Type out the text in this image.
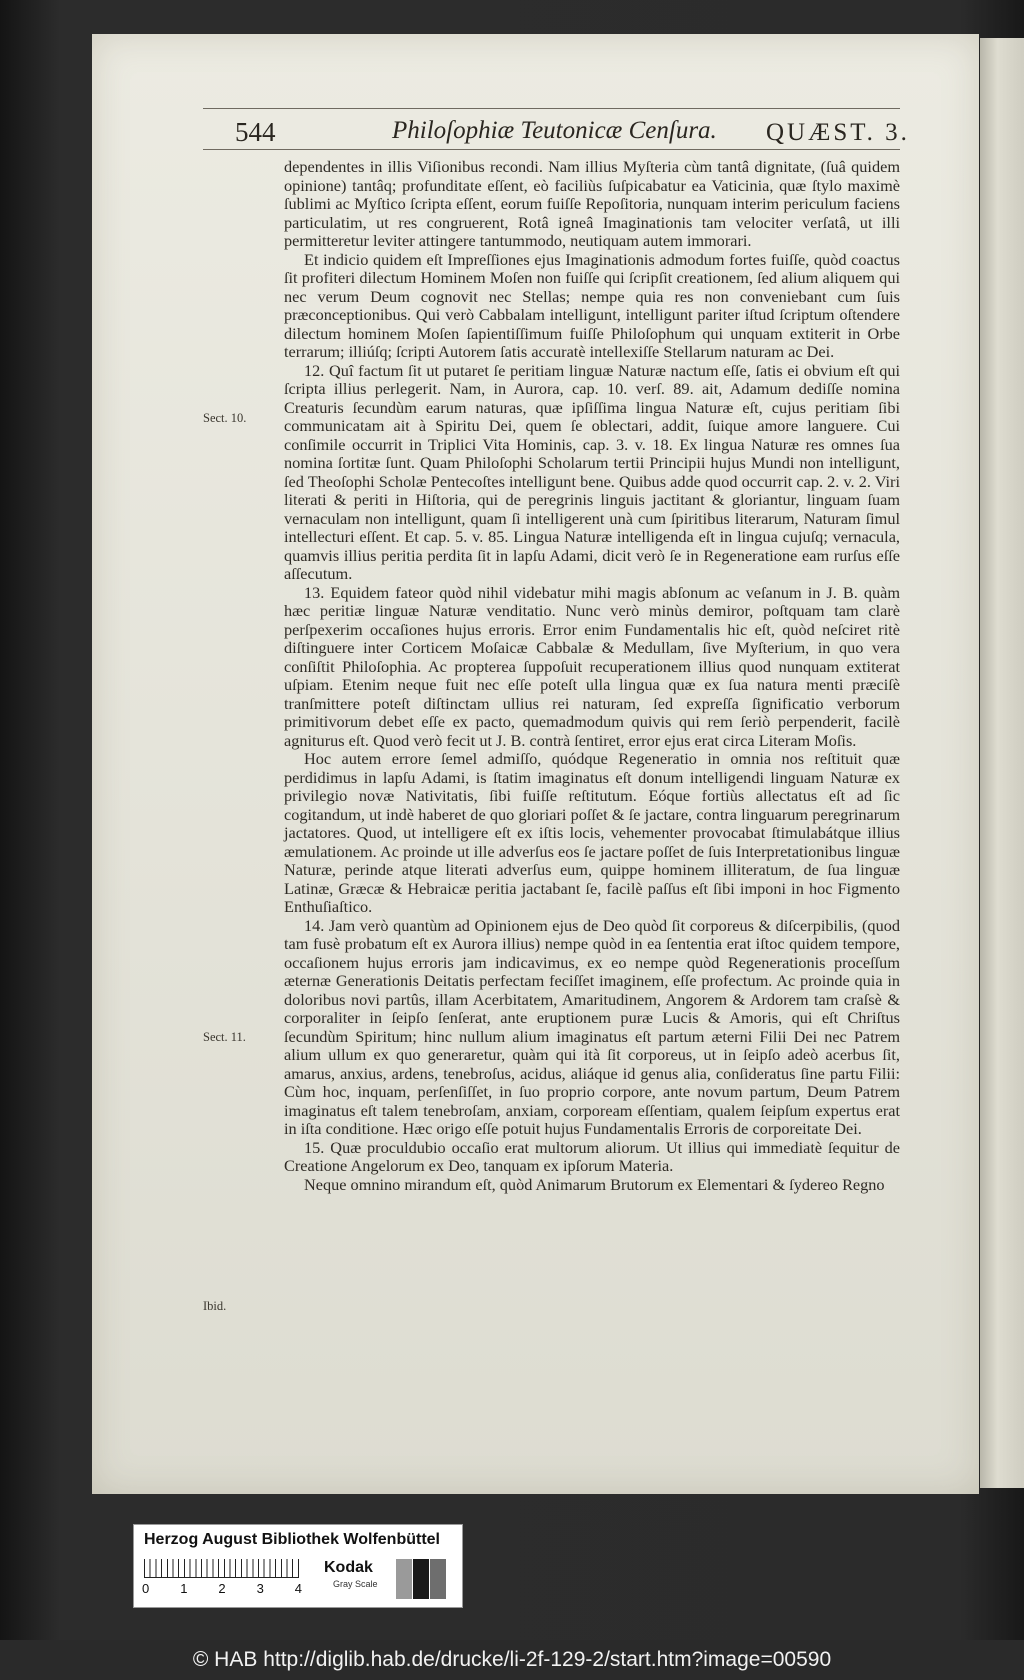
544	Philoſophiæ Teutonicæ Cenſura. QUÆST. 3.
Sect. 10.
Sect. 11.
Ibid.

dependentes in illis Viſionibus recondi. Nam illius Myſteria cùm tantâ dignitate, (ſuâ quidem opinione) tantâq; profunditate eſſent, eò faciliùs ſuſpicabatur ea Vaticinia, quæ ſtylo maximè ſublimi ac Myſtico ſcripta eſſent, eorum fuiſſe Repoſitoria, nunquam interim periculum faciens particulatim, ut res congruerent, Rotâ igneâ Imaginationis tam velociter verſatâ, ut illi permitteretur leviter attingere tantummodo, neutiquam autem immorari.

Et indicio quidem eſt Impreſſiones ejus Imaginationis admodum fortes fuiſſe, quòd coactus ſit profiteri dilectum Hominem Moſen non fuiſſe qui ſcripſit creationem, ſed alium aliquem qui nec verum Deum cognovit nec Stellas; nempe quia res non conveniebant cum ſuis præconceptionibus. Qui verò Cabbalam intelligunt, intelligunt pariter iſtud ſcriptum oſtendere dilectum hominem Moſen ſapientiſſimum fuiſſe Philoſophum qui unquam extiterit in Orbe terrarum; illiúſq; ſcripti Autorem ſatis accuratè intellexiſſe Stellarum naturam ac Dei.

12. Quî factum ſit ut putaret ſe peritiam linguæ Naturæ nactum eſſe, ſatis ei obvium eſt qui ſcripta illius perlegerit. Nam, in Aurora, cap. 10. verſ. 89. ait, Adamum dediſſe nomina Creaturis ſecundùm earum naturas, quæ ipſiſſima lingua Naturæ eſt, cujus peritiam ſibi communicatam ait à Spiritu Dei, quem ſe oblectari, addit, ſuique amore languere. Cui conſimile occurrit in Triplici Vita Hominis, cap. 3. v. 18. Ex lingua Naturæ res omnes ſua nomina ſortitæ ſunt. Quam Philoſophi Scholarum tertii Principii hujus Mundi non intelligunt, ſed Theoſophi Scholæ Pentecoſtes intelligunt bene. Quibus adde quod occurrit cap. 2. v. 2. Viri literati & periti in Hiſtoria, qui de peregrinis linguis jactitant & gloriantur, linguam ſuam vernaculam non intelligunt, quam ſi intelligerent unà cum ſpiritibus literarum, Naturam ſimul intellecturi eſſent. Et cap. 5. v. 85. Lingua Naturæ intelligenda eſt in lingua cujuſq; vernacula, quamvis illius peritia perdita ſit in lapſu Adami, dicit verò ſe in Regeneratione eam rurſus eſſe aſſecutum.

13. Equidem fateor quòd nihil videbatur mihi magis abſonum ac veſanum in J. B. quàm hæc peritiæ linguæ Naturæ venditatio. Nunc verò minùs demiror, poſtquam tam clarè perſpexerim occaſiones hujus erroris. Error enim Fundamentalis hic eſt, quòd neſciret ritè diſtinguere inter Corticem Moſaicæ Cabbalæ & Medullam, ſive Myſterium, in quo vera conſiſtit Philoſophia. Ac propterea ſuppoſuit recuperationem illius quod nunquam extiterat uſpiam. Etenim neque fuit nec eſſe poteſt ulla lingua quæ ex ſua natura menti præciſè tranſmittere poteſt diſtinctam ullius rei naturam, ſed expreſſa ſignificatio verborum primitivorum debet eſſe ex pacto, quemadmodum quivis qui rem ſeriò perpenderit, facilè agniturus eſt. Quod verò fecit ut J. B. contrà ſentiret, error ejus erat circa Literam Moſis.

Hoc autem errore ſemel admiſſo, quódque Regeneratio in omnia nos reſtituit quæ perdidimus in lapſu Adami, is ſtatim imaginatus eſt donum intelligendi linguam Naturæ ex privilegio novæ Nativitatis, ſibi fuiſſe reſtitutum. Eóque fortiùs allectatus eſt ad ſic cogitandum, ut indè haberet de quo gloriari poſſet & ſe jactare, contra linguarum peregrinarum jactatores. Quod, ut intelligere eſt ex iſtis locis, vehementer provocabat ſtimulabátque illius æmulationem. Ac proinde ut ille adverſus eos ſe jactare poſſet de ſuis Interpretationibus linguæ Naturæ, perinde atque literati adverſus eum, quippe hominem illiteratum, de ſua linguæ Latinæ, Græcæ & Hebraicæ peritia jactabant ſe, facilè paſſus eſt ſibi imponi in hoc Figmento Enthuſiaſtico.

14. Jam verò quantùm ad Opinionem ejus de Deo quòd ſit corporeus & diſcerpibilis, (quod tam fusè probatum eſt ex Aurora illius) nempe quòd in ea ſententia erat iſtoc quidem tempore, occaſionem hujus erroris jam indicavimus, ex eo nempe quòd Regenerationis proceſſum æternæ Generationis Deitatis perfectam feciſſet imaginem, eſſe profectum. Ac proinde quia in doloribus novi partûs, illam Acerbitatem, Amaritudinem, Angorem & Ardorem tam craſsè & corporaliter in ſeipſo ſenſerat, ante eruptionem puræ Lucis & Amoris, qui eſt Chriſtus ſecundùm Spiritum; hinc nullum alium imaginatus eſt partum æterni Filii Dei nec Patrem alium ullum ex quo generaretur, quàm qui ità ſit corporeus, ut in ſeipſo adeò acerbus ſit, amarus, anxius, ardens, tenebroſus, acidus, aliáque id genus alia, conſideratus ſine partu Filii: Cùm hoc, inquam, perſenſiſſet, in ſuo proprio corpore, ante novum partum, Deum Patrem imaginatus eſt talem tenebroſam, anxiam, corpoream eſſentiam, qualem ſeipſum expertus erat in iſta conditione. Hæc origo eſſe potuit hujus Fundamentalis Erroris de corporeitate Dei.

15. Quæ proculdubio occaſio erat multorum aliorum. Ut illius qui immediatè ſequitur de Creatione Angelorum ex Deo, tanquam ex ipſorum Materia.

Neque omnino mirandum eſt, quòd Animarum Brutorum ex Elementari & ſydereo Regno

Herzog August Bibliothek Wolfenbüttel
0 1 2 3 4
Kodak
Gray Scale
© HAB http://diglib.hab.de/drucke/li-2f-129-2/start.htm?image=00590
